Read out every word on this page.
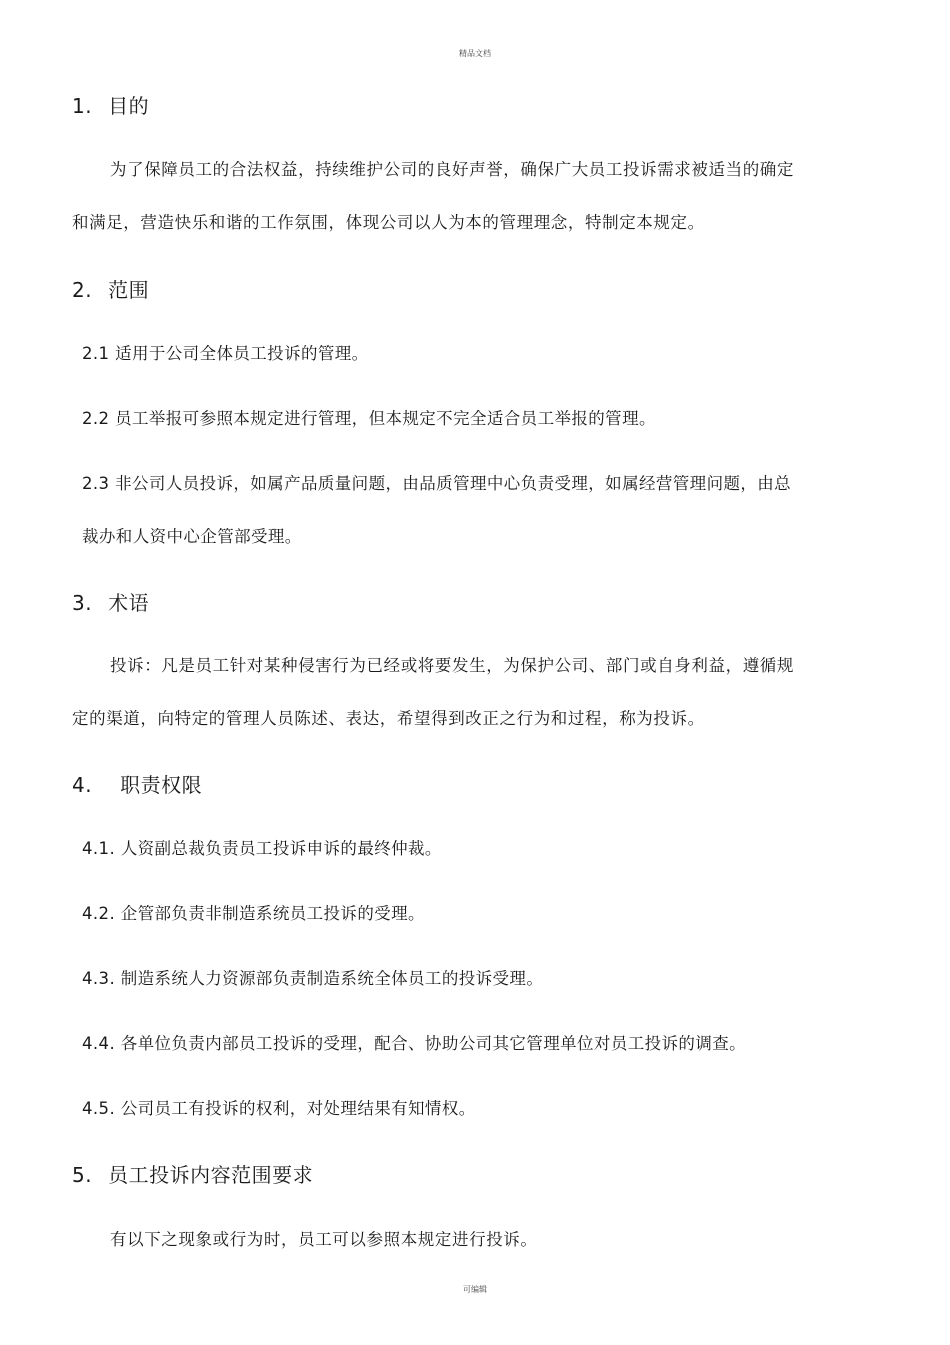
精品文档
1. 目的
为了保障员工的合法权益，持续维护公司的良好声誉，确保广大员工投诉需求被适当的确定
和满足，营造快乐和谐的工作氛围，体现公司以人为本的管理理念，特制定本规定。
2. 范围
2.1 适用于公司全体员工投诉的管理。
2.2 员工举报可参照本规定进行管理，但本规定不完全适合员工举报的管理。
2.3 非公司人员投诉，如属产品质量问题，由品质管理中心负责受理，如属经营管理问题，由总
裁办和人资中心企管部受理。
3. 术语
投诉：凡是员工针对某种侵害行为已经或将要发生，为保护公司、部门或自身利益，遵循规
定的渠道，向特定的管理人员陈述、表达，希望得到改正之行为和过程，称为投诉。
4. 职责权限
4.1. 人资副总裁负责员工投诉申诉的最终仲裁。
4.2. 企管部负责非制造系统员工投诉的受理。
4.3. 制造系统人力资源部负责制造系统全体员工的投诉受理。
4.4. 各单位负责内部员工投诉的受理，配合、协助公司其它管理单位对员工投诉的调查。
4.5. 公司员工有投诉的权利，对处理结果有知情权。
5. 员工投诉内容范围要求
有以下之现象或行为时，员工可以参照本规定进行投诉。
可编辑
